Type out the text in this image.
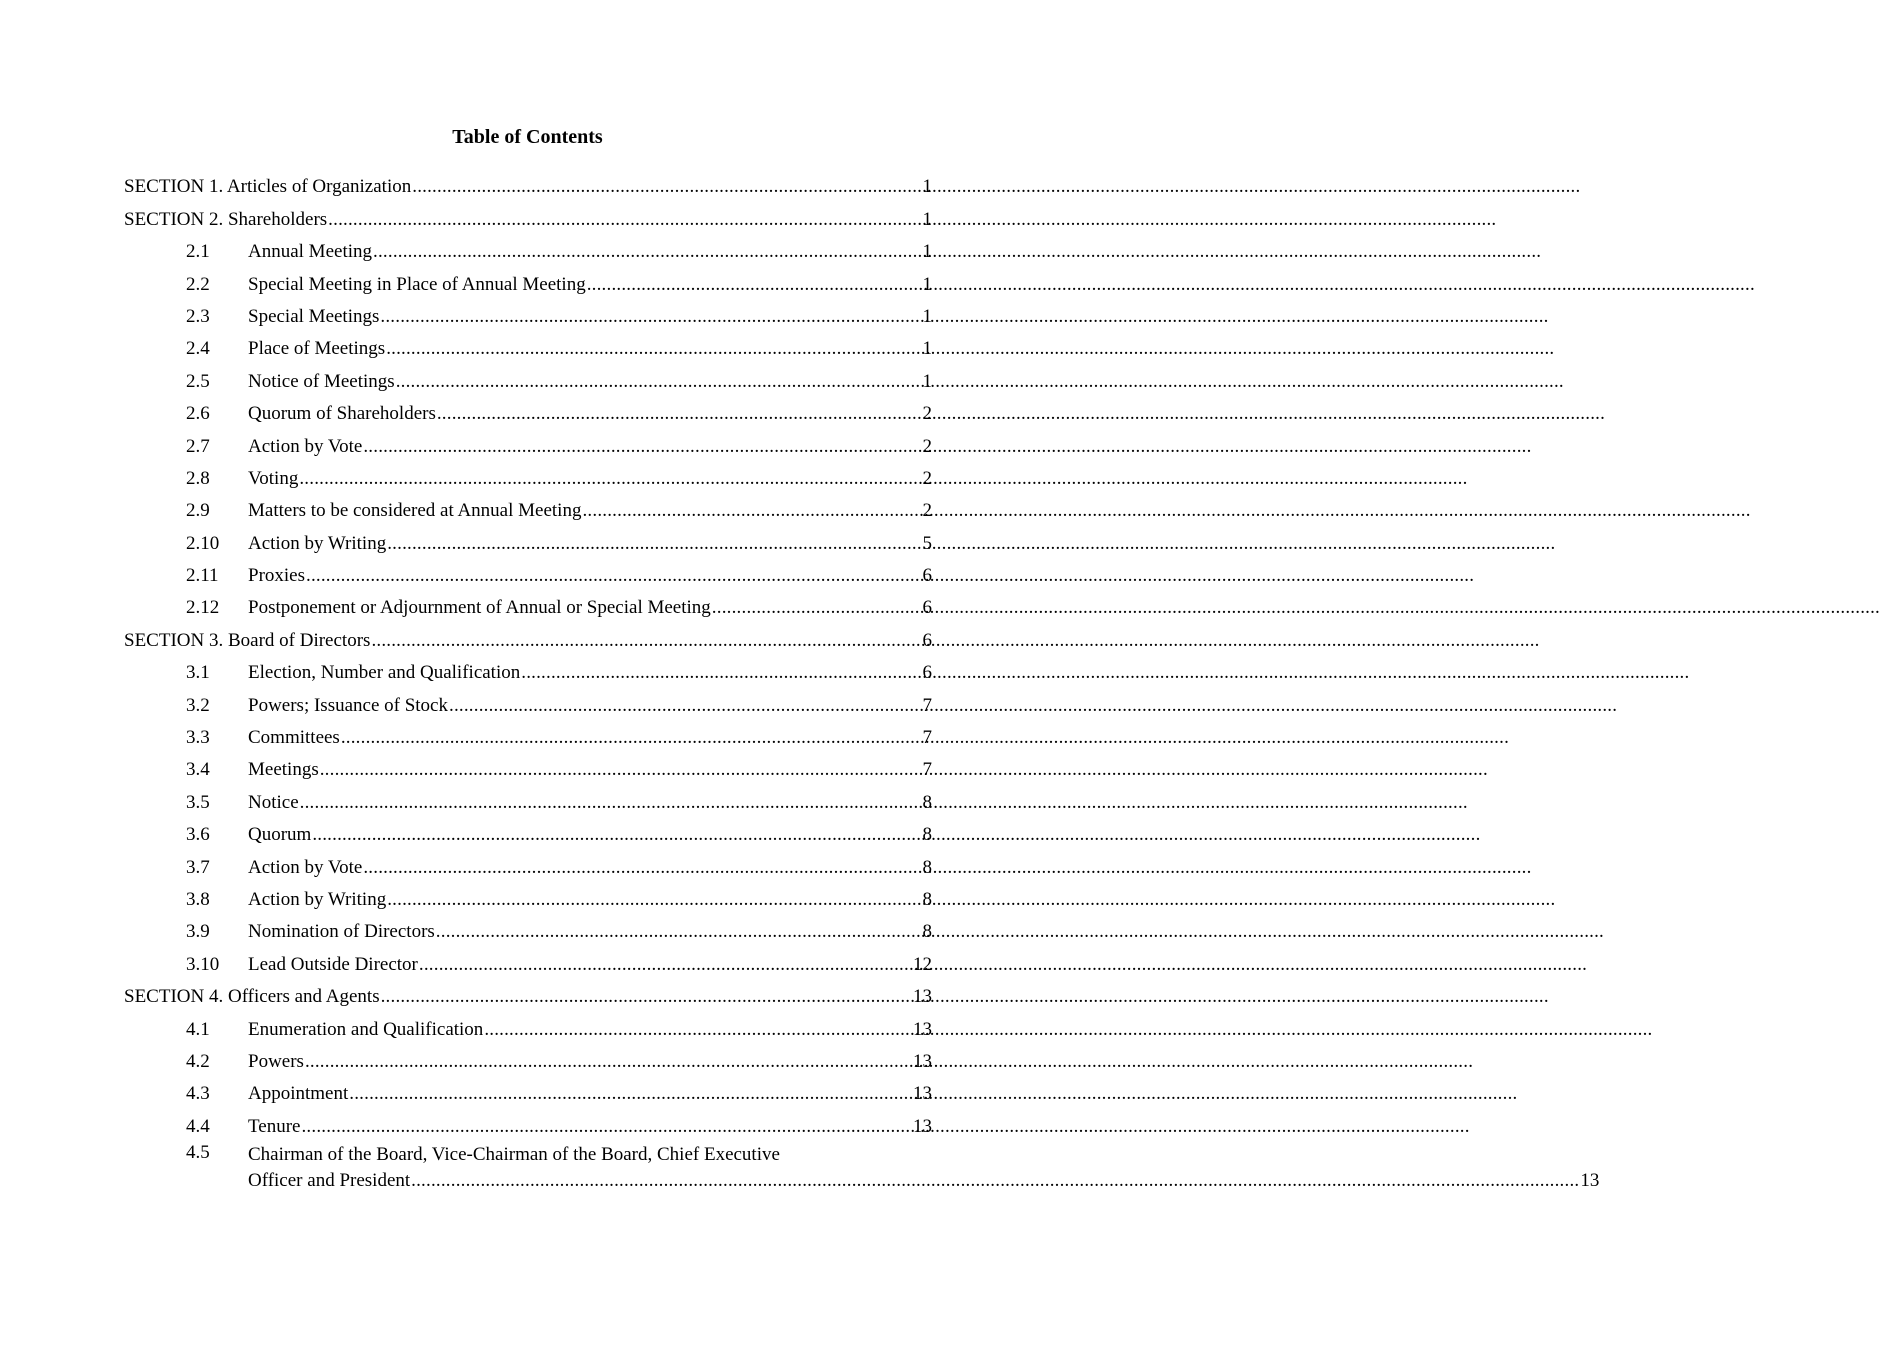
Table of Contents
SECTION 1. Articles of Organization .....	1
SECTION 2. Shareholders .....	1
2.1	Annual Meeting .....	1
2.2	Special Meeting in Place of Annual Meeting .....	1
2.3	Special Meetings .....	1
2.4	Place of Meetings .....	1
2.5	Notice of Meetings .....	1
2.6	Quorum of Shareholders .....	2
2.7	Action by Vote .....	2
2.8	Voting .....	2
2.9	Matters to be considered at Annual Meeting .....	2
2.10	Action by Writing .....	5
2.11	Proxies .....	6
2.12	Postponement or Adjournment of Annual or Special Meeting .....	6
SECTION 3. Board of Directors .....	6
3.1	Election, Number and Qualification .....	6
3.2	Powers; Issuance of Stock .....	7
3.3	Committees .....	7
3.4	Meetings .....	7
3.5	Notice .....	8
3.6	Quorum .....	8
3.7	Action by Vote .....	8
3.8	Action by Writing .....	8
3.9	Nomination of Directors .....	8
3.10	Lead Outside Director .....	12
SECTION 4. Officers and Agents .....	13
4.1	Enumeration and Qualification .....	13
4.2	Powers .....	13
4.3	Appointment .....	13
4.4	Tenure .....	13
4.5	Chairman of the Board, Vice-Chairman of the Board, Chief Executive
Officer and President .....	13
